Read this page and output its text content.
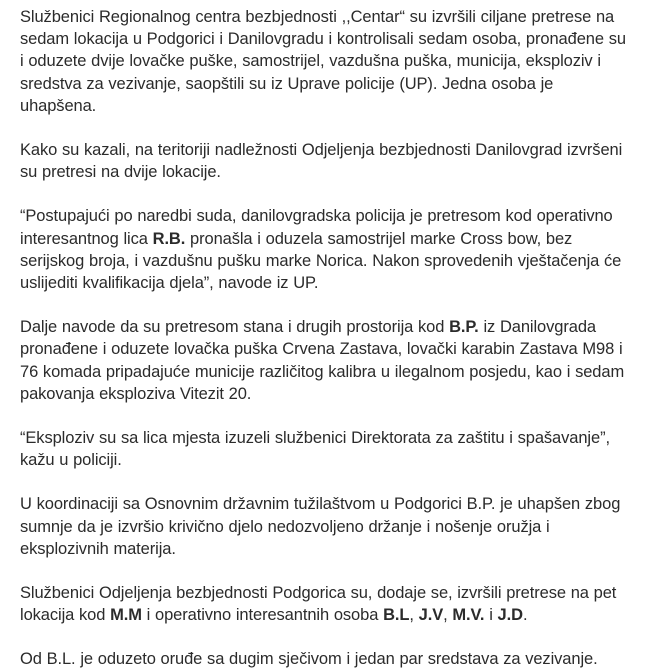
Službenici Regionalnog centra bezbjednosti ,,Centar“ su izvršili ciljane pretrese na sedam lokacija u Podgorici i Danilovgradu i kontrolisali sedam osoba, pronađene su i oduzete dvije lovačke puške, samostrijel, vazdušna puška, municija, eksploziv i sredstva za vezivanje, saopštili su iz Uprave policije (UP). Jedna osoba je uhapšena.

Kako su kazali, na teritoriji nadležnosti Odjeljenja bezbjednosti Danilovgrad izvršeni su pretresi na dvije lokacije.

“Postupajući po naredbi suda, danilovgradska policija je pretresom kod operativno interesantnog lica R.B. pronašla i oduzela samostrijel marke Cross bow, bez serijskog broja, i vazdušnu pušku marke Norica. Nakon sprovedenih vještačenja će uslijediti kvalifikacija djela”, navode iz UP.

Dalje navode da su pretresom stana i drugih prostorija kod B.P. iz Danilovgrada pronađene i oduzete lovačka puška Crvena Zastava, lovački karabin Zastava M98 i 76 komada pripadajuće municije različitog kalibra u ilegalnom posjedu, kao i sedam pakovanja eksploziva Vitezit 20.

“Eksploziv su sa lica mjesta izuzeli službenici Direktorata za zaštitu i spašavanje”, kažu u policiji.

U koordinaciji sa Osnovnim državnim tužilaštvom u Podgorici B.P. je uhapšen zbog sumnje da je izvršio krivično djelo nedozvoljeno držanje i nošenje oružja i eksplozivnih materija.

Službenici Odjeljenja bezbjednosti Podgorica su, dodaje se, izvršili pretrese na pet lokacija kod M.M i operativno interesantnih osoba B.L, J.V, M.V. i J.D.

Od B.L. je oduzeto oruđe sa dugim sječivom i jedan par sredstava za vezivanje.
